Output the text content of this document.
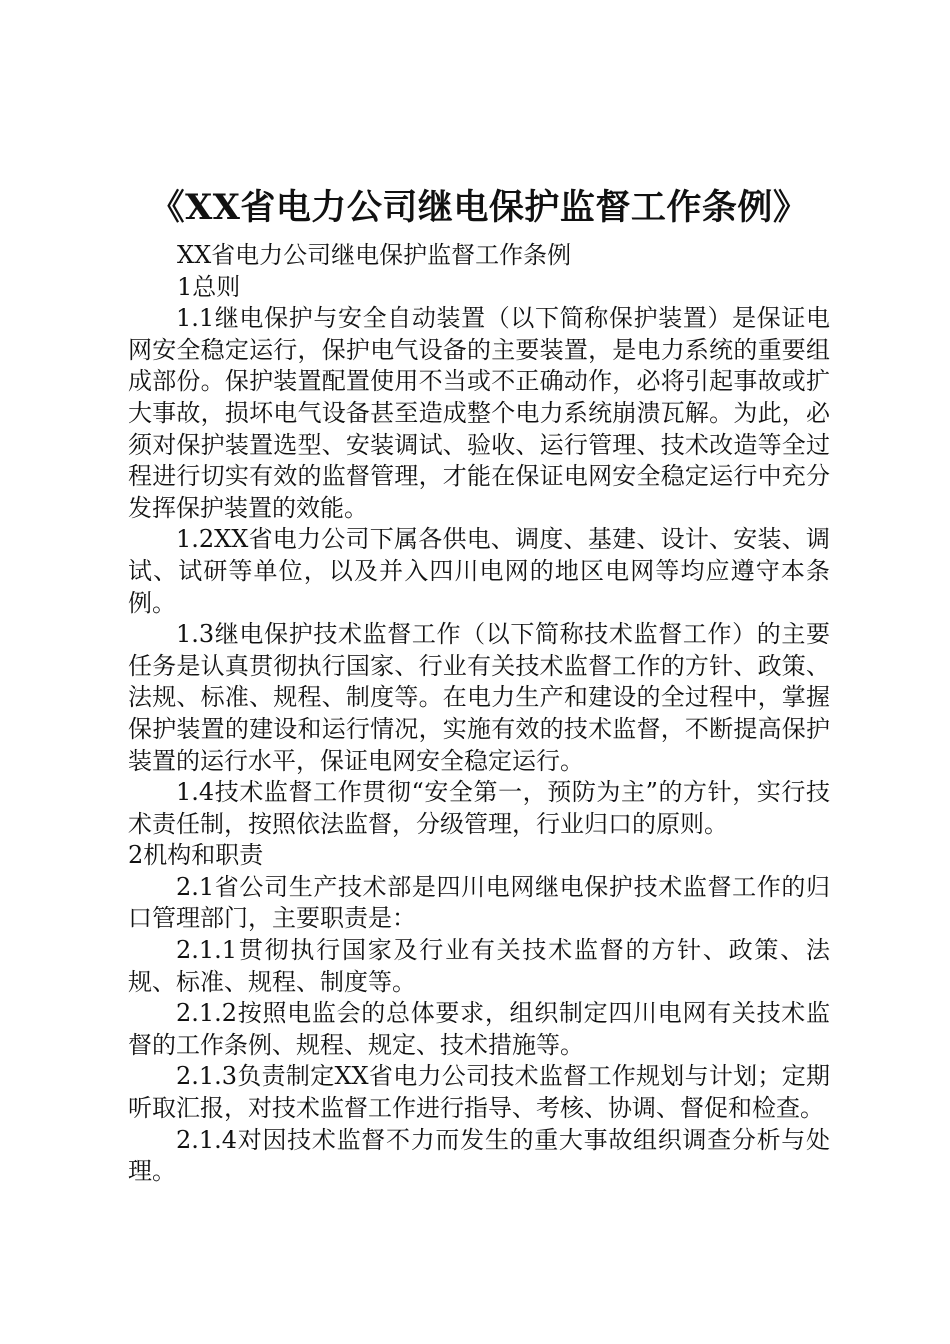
《XX省电力公司继电保护监督工作条例》

XX省电力公司继电保护监督工作条例

1总则

1.1继电保护与安全自动装置（以下简称保护装置）是保证电网安全稳定运行，保护电气设备的主要装置，是电力系统的重要组成部份。保护装置配置使用不当或不正确动作，必将引起事故或扩大事故，损坏电气设备甚至造成整个电力系统崩溃瓦解。为此，必须对保护装置选型、安装调试、验收、运行管理、技术改造等全过程进行切实有效的监督管理，才能在保证电网安全稳定运行中充分发挥保护装置的效能。

1.2XX省电力公司下属各供电、调度、基建、设计、安装、调试、试研等单位，以及并入四川电网的地区电网等均应遵守本条例。

1.3继电保护技术监督工作（以下简称技术监督工作）的主要任务是认真贯彻执行国家、行业有关技术监督工作的方针、政策、法规、标准、规程、制度等。在电力生产和建设的全过程中，掌握保护装置的建设和运行情况，实施有效的技术监督，不断提高保护装置的运行水平，保证电网安全稳定运行。

1.4技术监督工作贯彻“安全第一，预防为主”的方针，实行技术责任制，按照依法监督，分级管理，行业归口的原则。

2机构和职责

2.1省公司生产技术部是四川电网继电保护技术监督工作的归口管理部门，主要职责是：

2.1.1贯彻执行国家及行业有关技术监督的方针、政策、法规、标准、规程、制度等。

2.1.2按照电监会的总体要求，组织制定四川电网有关技术监督的工作条例、规程、规定、技术措施等。

2.1.3负责制定XX省电力公司技术监督工作规划与计划；定期听取汇报，对技术监督工作进行指导、考核、协调、督促和检查。

2.1.4对因技术监督不力而发生的重大事故组织调查分析与处理。
